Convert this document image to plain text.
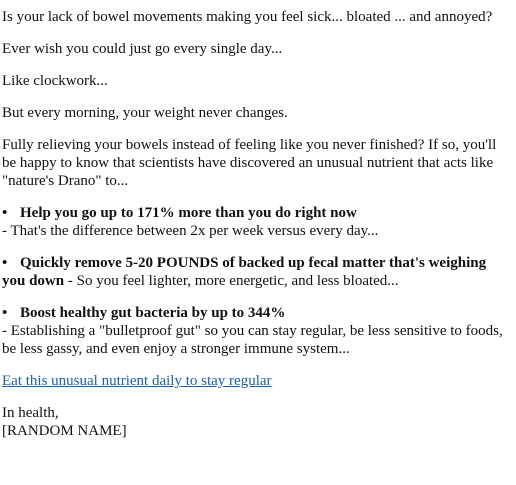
Is your lack of bowel movements making you feel sick... bloated ... and annoyed?

Ever wish you could just go every single day...

Like clockwork...

But every morning, your weight never changes.

Fully relieving your bowels instead of feeling like you never finished? If so, you'll be happy to know that scientists have discovered an unusual nutrient that acts like "nature's Drano" to...

• Help you go up to 171% more than you do right now

- That's the difference between 2x per week versus every day...

• Quickly remove 5-20 POUNDS of backed up fecal matter that's weighing you down - So you feel lighter, more energetic, and less bloated...

• Boost healthy gut bacteria by up to 344%

- Establishing a "bulletproof gut" so you can stay regular, be less sensitive to foods, be less gassy, and even enjoy a stronger immune system...

Eat this unusual nutrient daily to stay regular

In health,

[RANDOM NAME]
